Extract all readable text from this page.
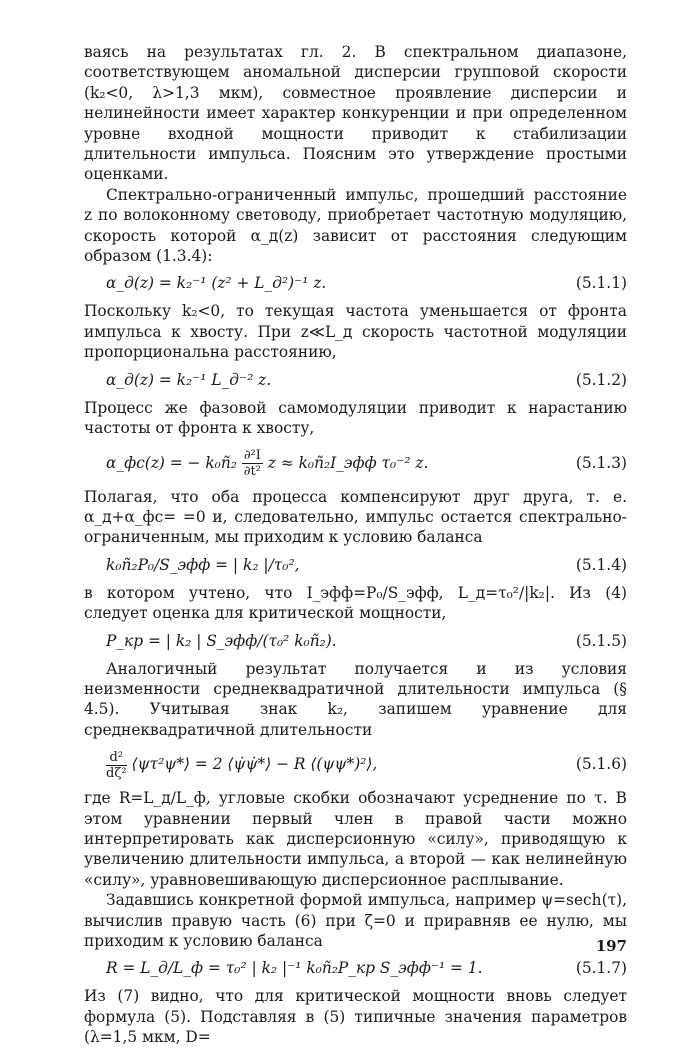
ваясь на результатах гл. 2. В спектральном диапазоне, соответствующем аномальной дисперсии групповой скорости (k₂<0, λ>1,3 мкм), совместное проявление дисперсии и нелинейности имеет характер конкуренции и при определенном уровне входной мощности приводит к стабилизации длительности импульса. Поясним это утверждение простыми оценками.

Спектрально-ограниченный импульс, прошедший расстояние z по волоконному световоду, приобретает частотную модуляцию, скорость которой α_д(z) зависит от расстояния следующим образом (1.3.4):

α_д(z) = k₂⁻¹ (z² + L_д²)⁻¹ z.	(5.1.1)

Поскольку k₂<0, то текущая частота уменьшается от фронта импульса к хвосту. При z≪L_д скорость частотной модуляции пропорциональна расстоянию,

α_д(z) = k₂⁻¹ L_д⁻² z.	(5.1.2)

Процесс же фазовой самомодуляции приводит к нарастанию частоты от фронта к хвосту,

α_фс(z) = − k₀ñ₂ $\frac{\text{∂²I}}{\text{∂t²}}$ z ≈ k₀ñ₂I_эфф τ₀⁻² z.	(5.1.3)

Полагая, что оба процесса компенсируют друг друга, т. е. α_д+α_фс= =0 и, следовательно, импульс остается спектрально-ограниченным, мы приходим к условию баланса

k₀ñ₂P₀/S_эфф = | k₂ |/τ₀²,	(5.1.4)

в котором учтено, что I_эфф=P₀/S_эфф, L_д=τ₀²/|k₂|. Из (4) следует оценка для критической мощности,

P_кр = | k₂ | S_эфф/(τ₀² k₀ñ₂).	(5.1.5)

Аналогичный результат получается и из условия неизменности среднеквадратичной длительности импульса (§ 4.5). Учитывая знак k₂, запишем уравнение для среднеквадратичной длительности

$\frac{\text{d²}}{\text{dζ²}}$ ⟨ψτ²ψ*⟩ = 2 ⟨ψ̇ψ̇*⟩ − R ⟨(ψψ*)²⟩,	(5.1.6)

где R=L_д/L_ф, угловые скобки обозначают усреднение по τ. В этом уравнении первый член в правой части можно интерпретировать как дисперсионную «силу», приводящую к увеличению длительности импульса, а второй — как нелинейную «силу», уравновешивающую дисперсионное расплывание.

Задавшись конкретной формой импульса, например ψ=sech(τ), вычислив правую часть (6) при ζ=0 и приравняв ее нулю, мы приходим к условию баланса

R = L_д/L_ф = τ₀² | k₂ |⁻¹ k₀ñ₂P_кр S_эфф⁻¹ = 1.	(5.1.7)

Из (7) видно, что для критической мощности вновь следует формула (5). Подставляя в (5) типичные значения параметров (λ=1,5 мкм, D=

197
